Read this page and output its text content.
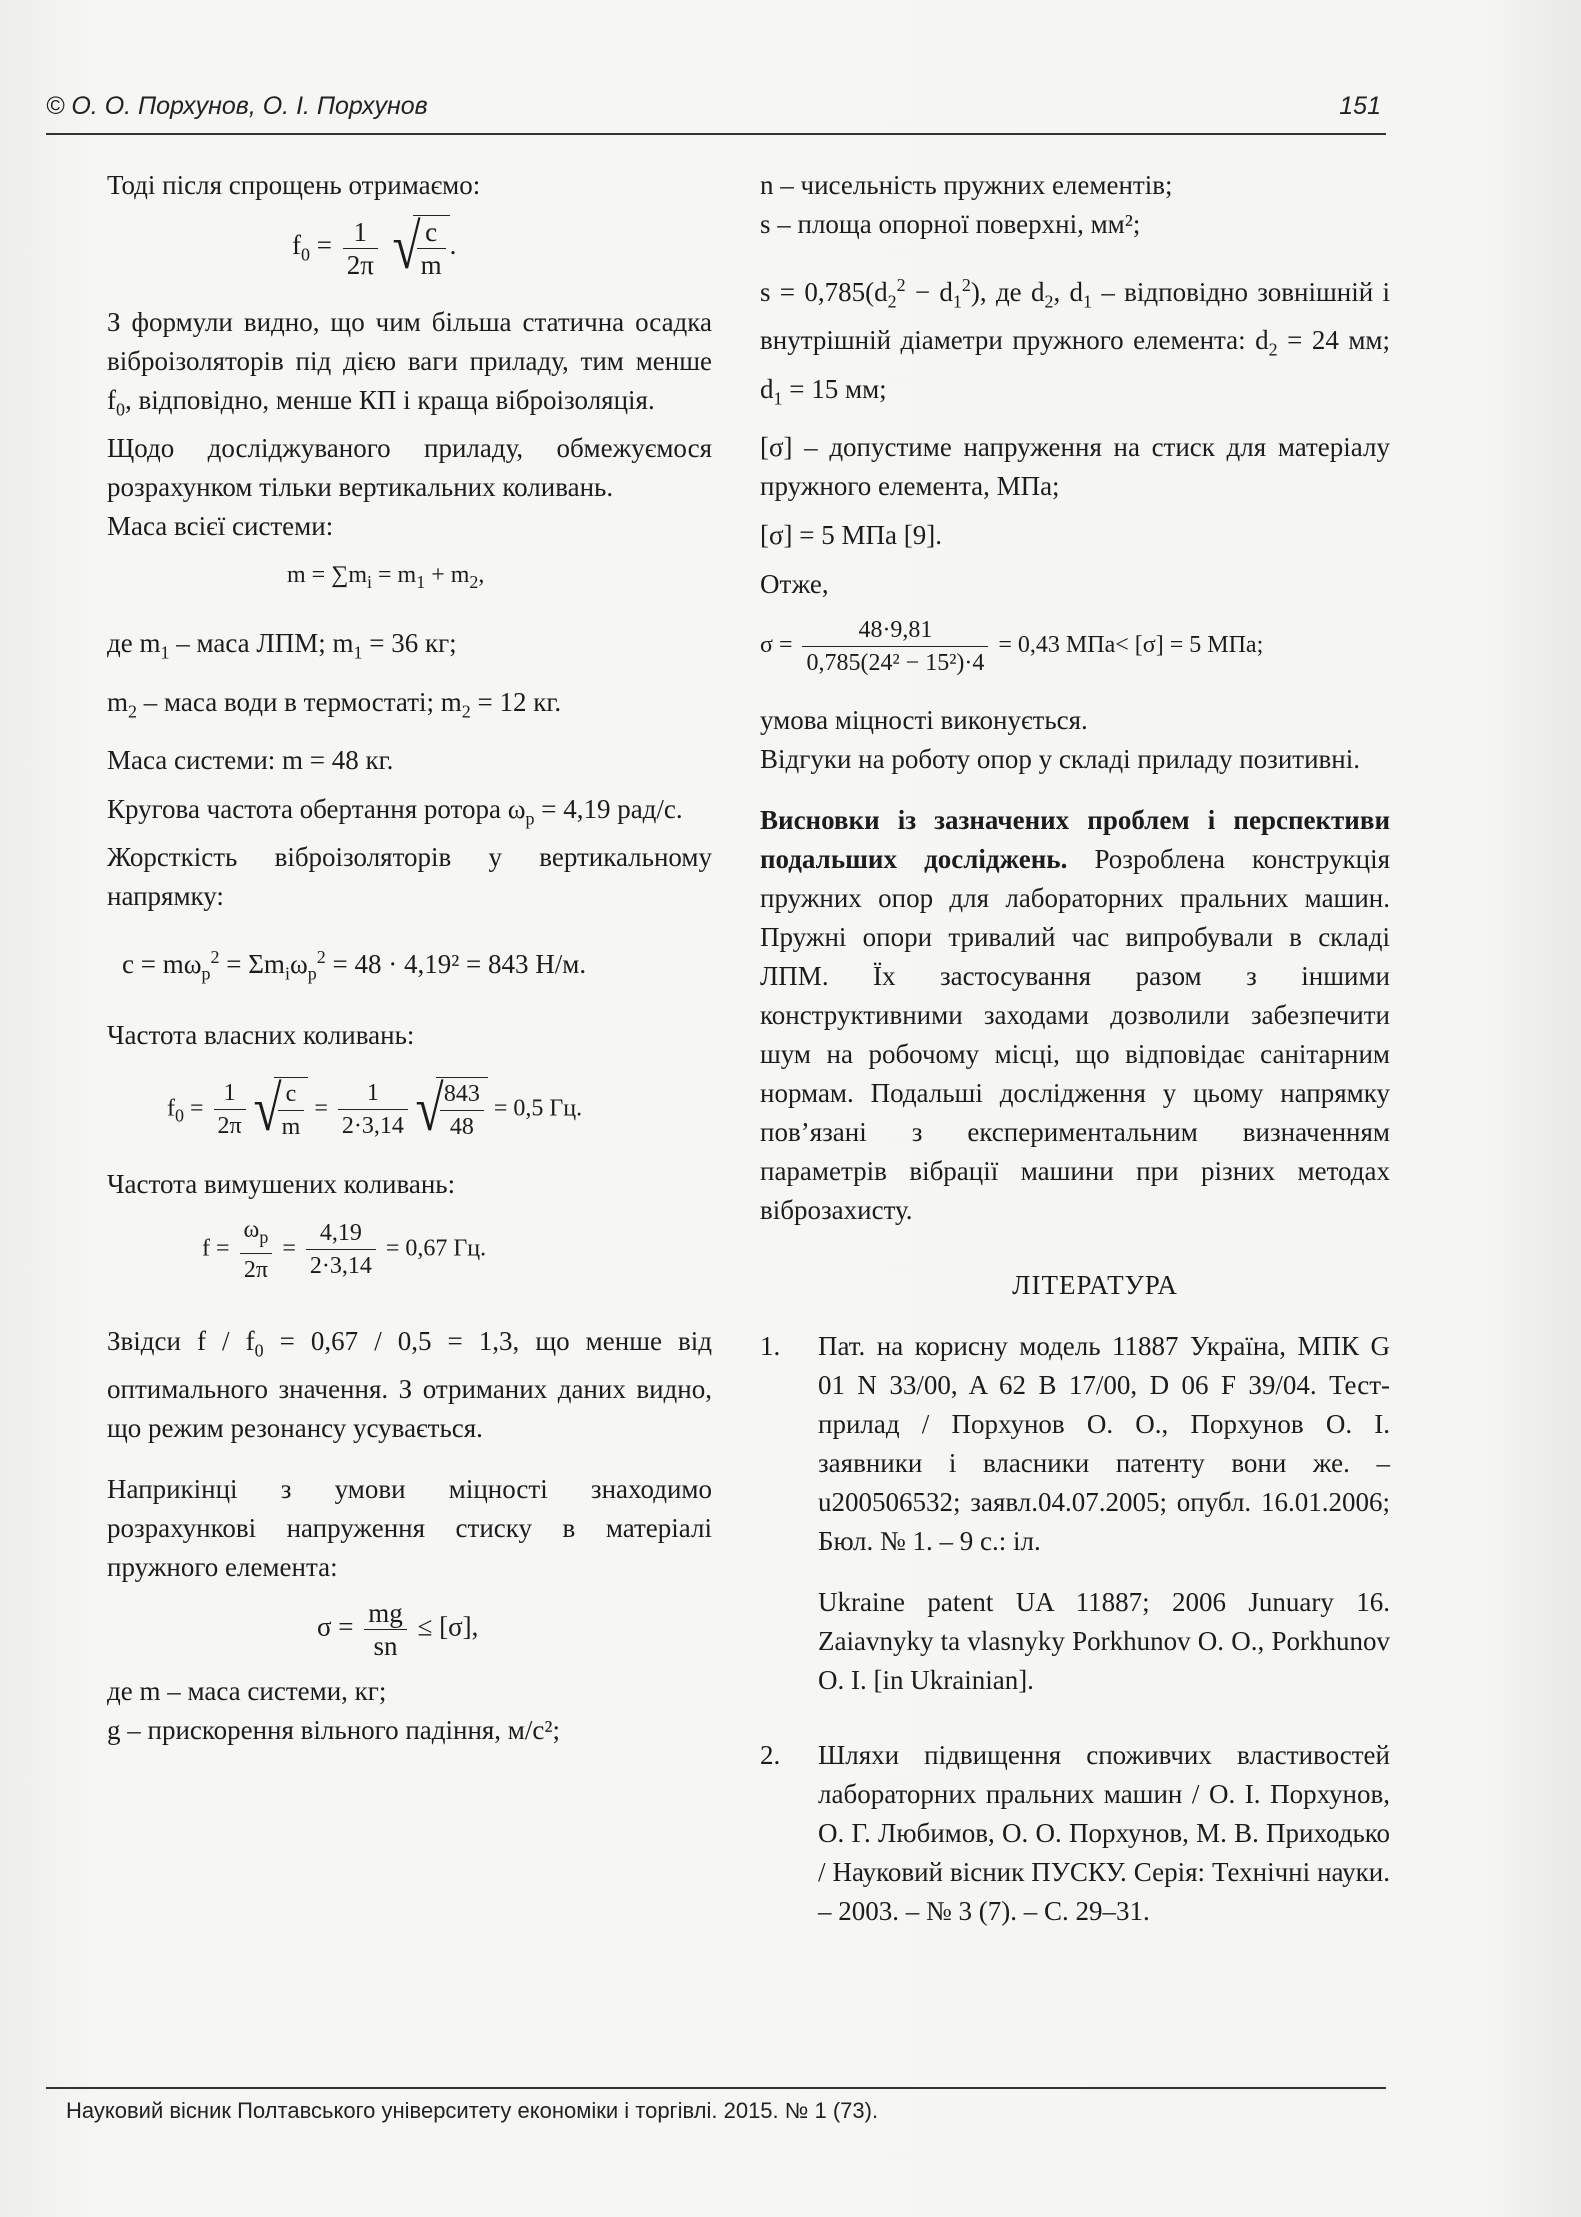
© О. О. Порхунов, О. І. Порхунов	151

Тоді після спрощень отримаємо:

$f_0 = \frac{1}{2\pi}$
√
$\frac{c}{m}$ .

З формули видно, що чим більша статична осадка віброізоляторів під дією ваги приладу, тим менше $f_0$, відповідно, менше КП і краща віброізоляція.

Щодо досліджуваного приладу, обмежуємося розрахунком тільки вертикальних коливань.

Маса всієї системи:

$m = \sum m_i = m_1 + m_2$,

де $m_1$ – маса ЛПМ; $m_1 = 36$ кг;

$m_2$ – маса води в термостаті; $m_2 = 12$ кг.

Маса системи: m = 48 кг.

Кругова частота обертання ротора $\omega_р = 4,19$ рад/с.

Жорсткість віброізоляторів у вертикальному напрямку:

$c = m\omega_р^2 = \Sigma m_і\omega_р^2 = 48 \cdot 4,19^2 = 843$ Н/м.

Частота власних коливань:

$f_0 = \frac{1}{2\pi}$ √
$\frac{c}{m} = \frac{1}{2\cdot 3,14}$ √
$\frac{843}{48} = 0,5$ Гц.

Частота вимушених коливань:

$f = \frac{\omega_р}{2\pi} = \frac{4,19}{2\cdot 3,14} = 0,67$ Гц.

Звідси $f / f_0 = 0,67 / 0,5 = 1,3$, що менше від оптимального значення. З отриманих даних видно, що режим резонансу усувається.

Наприкінці з умови міцності знаходимо розрахункові напруження стиску в матеріалі пружного елемента:

$\sigma = \frac{mg}{sn} \le [\sigma]$,

де m – маса системи, кг;

g – прискорення вільного падіння, м/с²;

n – чисельність пружних елементів;

s – площа опорної поверхні, мм²;

$s = 0,785(d_2^2 - d_1^2)$, де $d_2$, $d_1$ – відповідно зовнішній і внутрішній діаметри пружного елемента: $d_2 = 24$ мм; $d_1 = 15$ мм;

[σ] – допустиме напруження на стиск для матеріалу пружного елемента, МПа;

[σ] = 5 МПа [9].

Отже,

$\sigma = \frac{48\cdot 9,81}{\text{0,785(24² − 15²)·4}} = 0,43$ МПа< [σ] = 5 МПа;

умова міцності виконується.

Відгуки на роботу опор у складі приладу позитивні.

Висновки із зазначених проблем і перспективи подальших досліджень. Розроблена конструкція пружних опор для лабораторних пральних машин. Пружні опори тривалий час випробували в складі ЛПМ. Їх застосування разом з іншими конструктивними заходами дозволили забезпечити шум на робочому місці, що відповідає санітарним нормам. Подальші дослідження у цьому напрямку пов’язані з експериментальним визначенням параметрів вібрації машини при різних методах віброзахисту.

ЛІТЕРАТУРА
1. Пат. на корисну модель 11887 Україна, МПК G 01 N 33/00, A 62 B 17/00, D 06 F 39/04. Тест-прилад / Порхунов О. О., Порхунов О. І. заявники і власники патенту вони же. – u200506532; заявл.04.07.2005; опубл. 16.01.2006; Бюл. № 1. – 9 с.: іл.

Ukraine patent UA 11887; 2006 Junuary 16. Zaiavnyky ta vlasnyky Porkhunov O. O., Porkhunov O. I. [in Ukrainian].

2. Шляхи підвищення споживчих властивостей лабораторних пральних машин / О. І. Порхунов, О. Г. Любимов, О. О. Порхунов, М. В. Приходько / Науковий вісник ПУСКУ. Серія: Технічні науки. – 2003. – № 3 (7). – С. 29–31.

Науковий вісник Полтавського університету економіки і торгівлі. 2015. № 1 (73).
